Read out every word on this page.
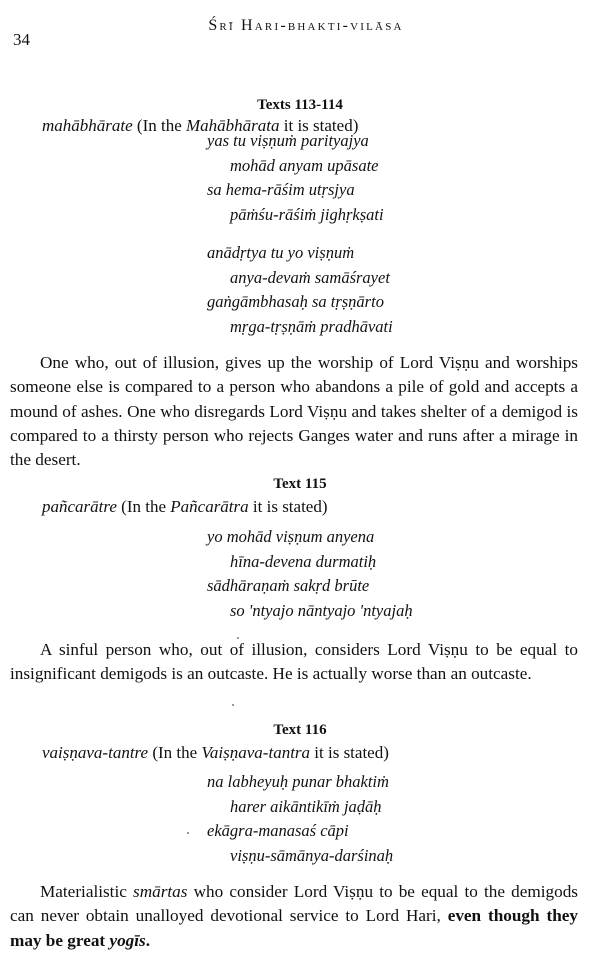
34
Śrī Hari-bhakti-vilāsa
Texts 113-114
mahābhārate (In the Mahābhārata it is stated)
yas tu viṣṇuṁ parityajya
mohād anyam upāsate
sa hema-rāśim utṛsjya
pāṁśu-rāśiṁ jighṛkṣati
anādṛtya tu yo viṣṇuṁ
anya-devaṁ samāśrayet
gaṅgāmbhasaḥ sa tṛṣṇārto
mṛga-tṛṣṇāṁ pradhāvati
One who, out of illusion, gives up the worship of Lord Viṣṇu and worships someone else is compared to a person who abandons a pile of gold and accepts a mound of ashes. One who disregards Lord Viṣṇu and takes shelter of a demigod is compared to a thirsty person who rejects Ganges water and runs after a mirage in the desert.
Text 115
pañcarātre (In the Pañcarātra it is stated)
yo mohād viṣṇum anyena
hīna-devena durmatiḥ
sādhāraṇaṁ sakṛd brūte
so 'ntyajo nāntyajo 'ntyajaḥ
A sinful person who, out of illusion, considers Lord Viṣṇu to be equal to insignificant demigods is an outcaste. He is actually worse than an outcaste.
Text 116
vaiṣṇava-tantre (In the Vaiṣṇava-tantra it is stated)
na labheyuḥ punar bhaktiṁ
harer aikāntikīṁ jaḍāḥ
ekāgra-manasaś cāpi
viṣṇu-sāmānya-darśinaḥ
Materialistic smārtas who consider Lord Viṣṇu to be equal to the demigods can never obtain unalloyed devotional service to Lord Hari, even though they may be great yogīs.
